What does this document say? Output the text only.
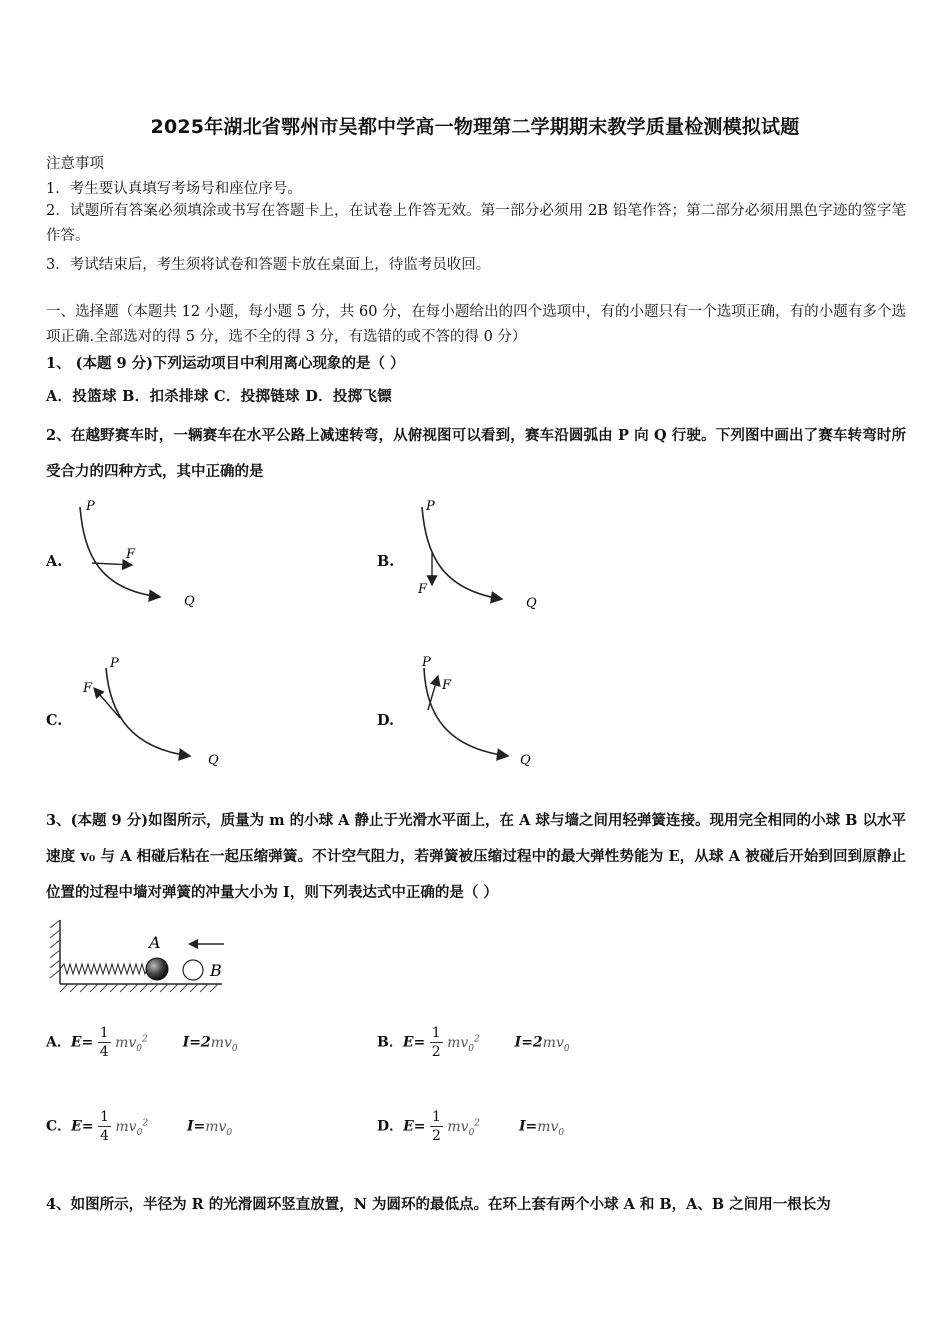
2025年湖北省鄂州市吴都中学高一物理第二学期期末教学质量检测模拟试题
注意事项
1．考生要认真填写考场号和座位序号。
2．试题所有答案必须填涂或书写在答题卡上，在试卷上作答无效。第一部分必须用 2B 铅笔作答；第二部分必须用黑色字迹的签字笔作答。
3．考试结束后，考生须将试卷和答题卡放在桌面上，待监考员收回。
一、选择题（本题共 12 小题，每小题 5 分，共 60 分，在每小题给出的四个选项中，有的小题只有一个选项正确，有的小题有多个选项正确.全部选对的得 5 分，选不全的得 3 分，有选错的或不答的得 0 分）
1、 (本题 9 分)下列运动项目中利用离心现象的是（ ）
A．投篮球 B．扣杀排球 C．投掷链球 D．投掷飞镖
2、在越野赛车时，一辆赛车在水平公路上减速转弯，从俯视图可以看到，赛车沿圆弧由 P 向 Q 行驶。下列图中画出了赛车转弯时所受合力的四种方式，其中正确的是
A.	B.
C.	D.
P
F
Q
P
F
Q
P
F
Q
P
F
Q
3、(本题 9 分)如图所示，质量为 m 的小球 A 静止于光滑水平面上，在 A 球与墙之间用轻弹簧连接。现用完全相同的小球 B 以水平速度 v₀ 与 A 相碰后粘在一起压缩弹簧。不计空气阻力，若弹簧被压缩过程中的最大弹性势能为 E，从球 A 被碰后开始到回到原静止位置的过程中墙对弹簧的冲量大小为 I，则下列表达式中正确的是（ ）
A
B
A．$E= \frac{1}{4} mv_0^2$ $I=2mv_0$	B．$E= \frac{1}{2} mv_0^2$ $I=2mv_0$
C．$E= \frac{1}{4} mv_0^2$	$I=mv_0$	D．$E= \frac{1}{2} mv_0^2$	$I=mv_0$
4、如图所示，半径为 R 的光滑圆环竖直放置，N 为圆环的最低点。在环上套有两个小球 A 和 B，A、B 之间用一根长为
